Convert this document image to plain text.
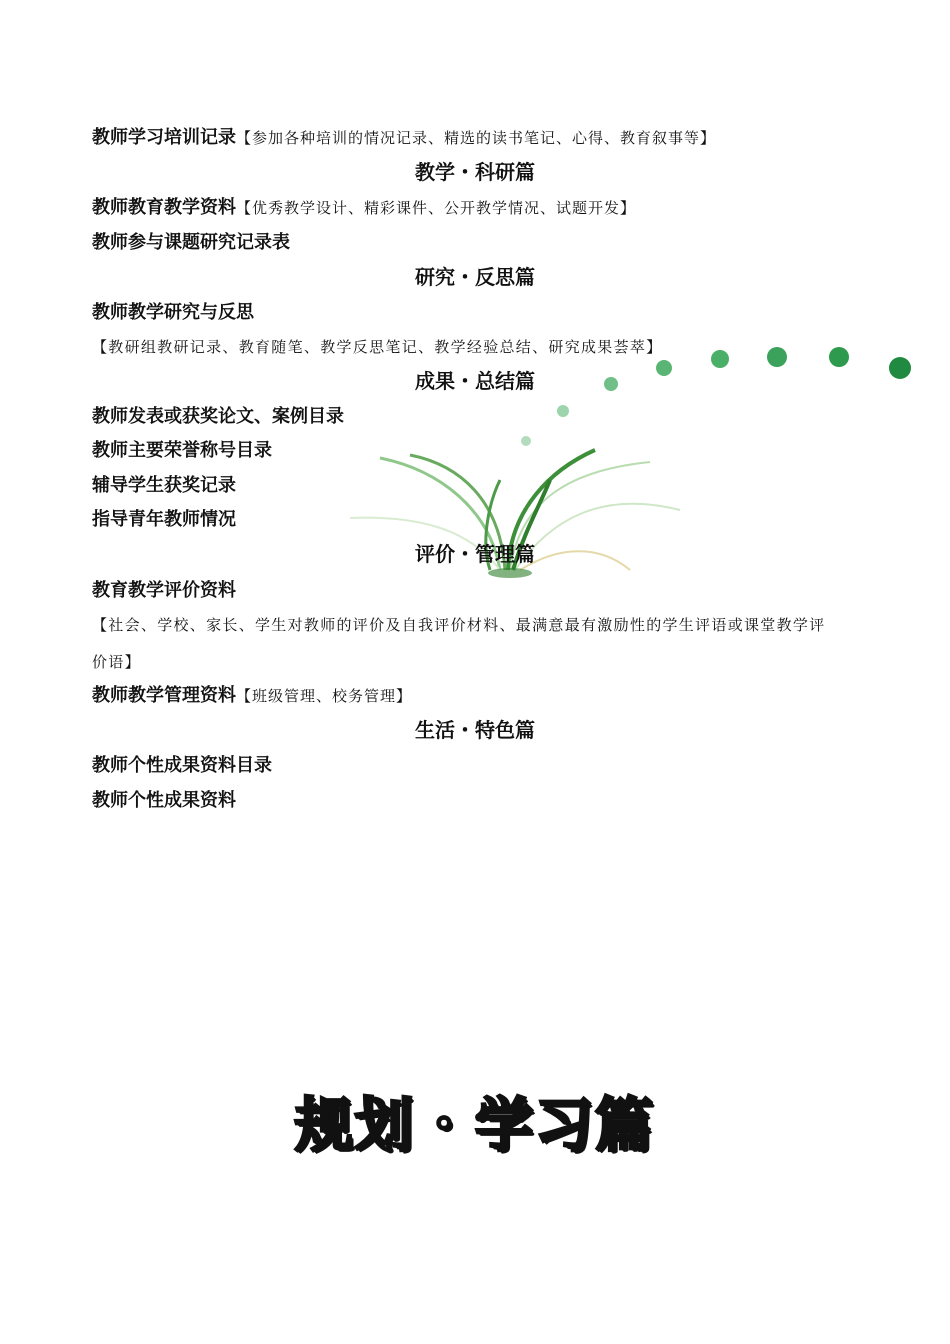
教师学习培训记录【参加各种培训的情况记录、精选的读书笔记、心得、教育叙事等】
教学・科研篇
教师教育教学资料【优秀教学设计、精彩课件、公开教学情况、试题开发】
教师参与课题研究记录表
研究・反思篇
教师教学研究与反思
【教研组教研记录、教育随笔、教学反思笔记、教学经验总结、研究成果荟萃】
成果・总结篇
教师发表或获奖论文、案例目录
教师主要荣誉称号目录
辅导学生获奖记录
指导青年教师情况
评价・管理篇
教育教学评价资料
【社会、学校、家长、学生对教师的评价及自我评价材料、最满意最有激励性的学生评语或课堂教学评
价语】
教师教学管理资料【班级管理、校务管理】
生活・特色篇
教师个性成果资料目录
教师个性成果资料
规划・学习篇
